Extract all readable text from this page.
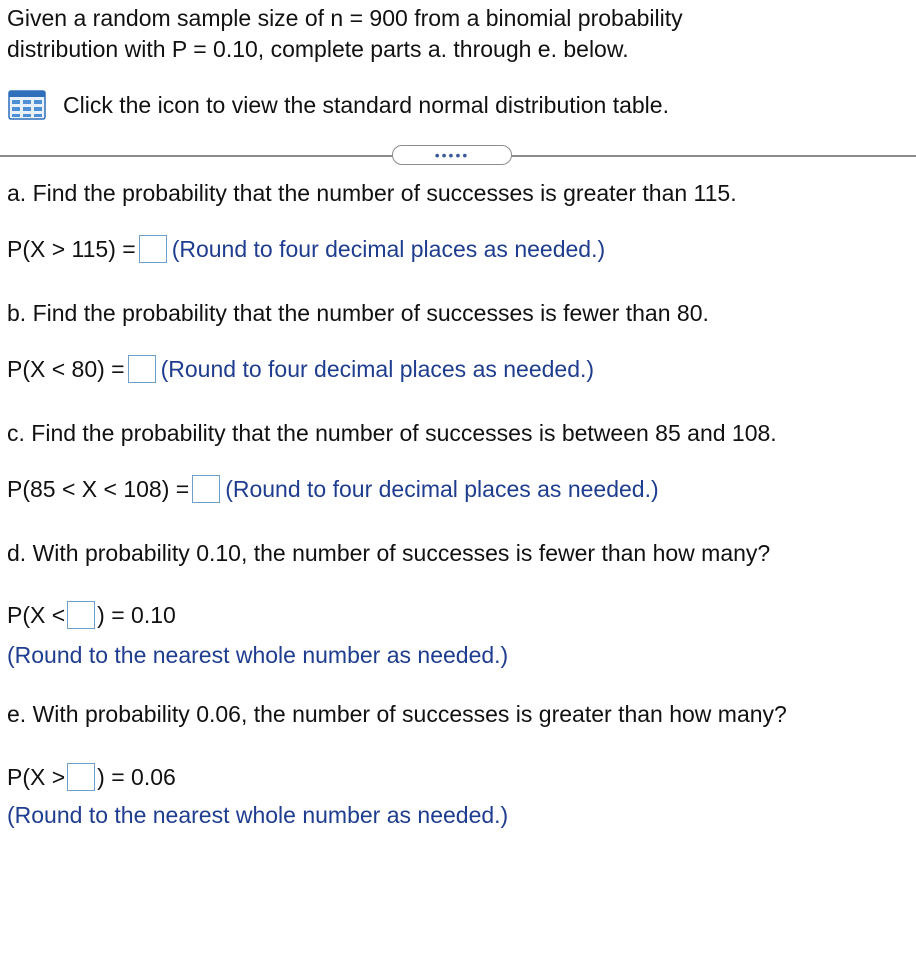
Given a random sample size of n = 900 from a binomial probability
distribution with P = 0.10, complete parts a. through e. below.
Click the icon to view the standard normal distribution table.
•••••
a. Find the probability that the number of successes is greater than 115.
P(X > 115) = (Round to four decimal places as needed.)
b. Find the probability that the number of successes is fewer than 80.
P(X < 80) = (Round to four decimal places as needed.)
c. Find the probability that the number of successes is between 85 and 108.
P(85 < X < 108) = (Round to four decimal places as needed.)
d. With probability 0.10, the number of successes is fewer than how many?
P(X < ) = 0.10
(Round to the nearest whole number as needed.)
e. With probability 0.06, the number of successes is greater than how many?
P(X > ) = 0.06
(Round to the nearest whole number as needed.)
